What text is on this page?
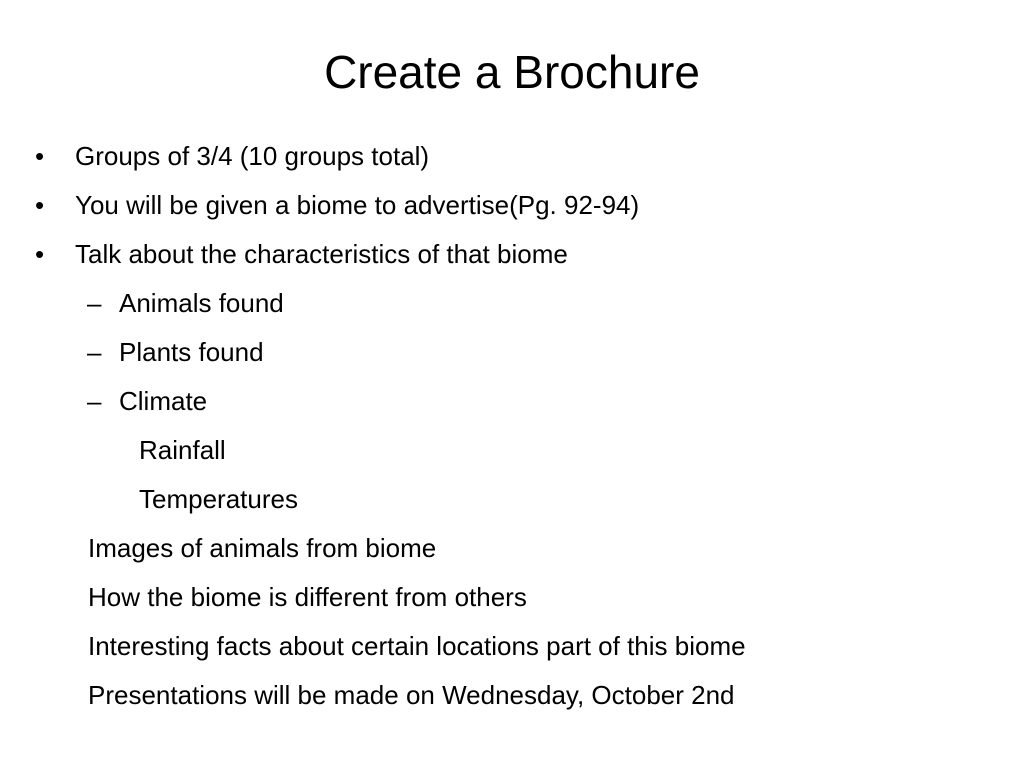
Create a Brochure
• Groups of 3/4 (10 groups total)
• You will be given a biome to advertise(Pg. 92-94)
• Talk about the characteristics of that biome
– Animals found
– Plants found
– Climate
Rainfall
Temperatures
Images of animals from biome
How the biome is different from others
Interesting facts about certain locations part of this biome
Presentations will be made on Wednesday, October 2nd
